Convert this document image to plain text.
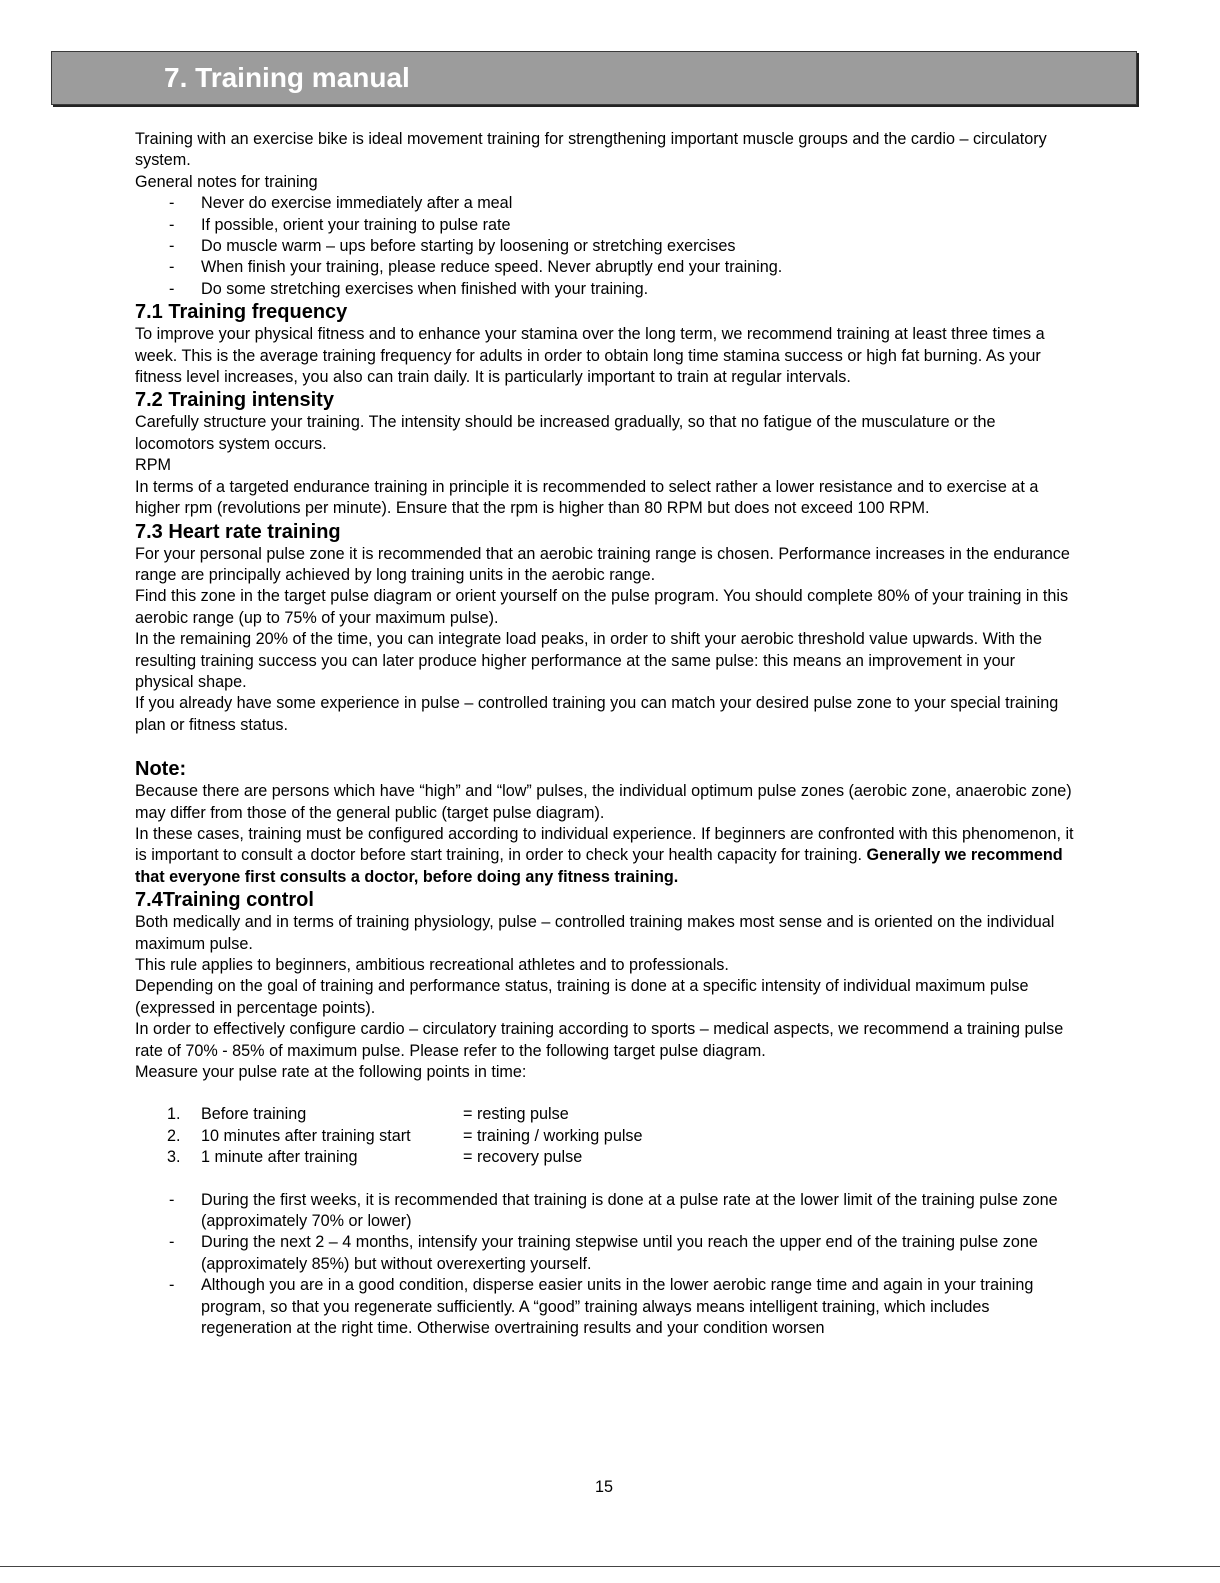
7. Training manual

Training with an exercise bike is ideal movement training for strengthening important muscle groups and the cardio – circulatory system.

General notes for training

- Never do exercise immediately after a meal
- If possible, orient your training to pulse rate
- Do muscle warm – ups before starting by loosening or stretching exercises
- When finish your training, please reduce speed. Never abruptly end your training.
- Do some stretching exercises when finished with your training.
7.1 Training frequency

To improve your physical fitness and to enhance your stamina over the long term, we recommend training at least three times a week. This is the average training frequency for adults in order to obtain long time stamina success or high fat burning. As your fitness level increases, you also can train daily. It is particularly important to train at regular intervals.

7.2 Training intensity

Carefully structure your training. The intensity should be increased gradually, so that no fatigue of the musculature or the locomotors system occurs.

RPM

In terms of a targeted endurance training in principle it is recommended to select rather a lower resistance and to exercise at a higher rpm (revolutions per minute). Ensure that the rpm is higher than 80 RPM but does not exceed 100 RPM.

7.3 Heart rate training

For your personal pulse zone it is recommended that an aerobic training range is chosen. Performance increases in the endurance range are principally achieved by long training units in the aerobic range.

Find this zone in the target pulse diagram or orient yourself on the pulse program. You should complete 80% of your training in this aerobic range (up to 75% of your maximum pulse).

In the remaining 20% of the time, you can integrate load peaks, in order to shift your aerobic threshold value upwards. With the resulting training success you can later produce higher performance at the same pulse: this means an improvement in your physical shape.

If you already have some experience in pulse – controlled training you can match your desired pulse zone to your special training plan or fitness status.

Note:

Because there are persons which have “high” and “low” pulses, the individual optimum pulse zones (aerobic zone, anaerobic zone) may differ from those of the general public (target pulse diagram).

In these cases, training must be configured according to individual experience. If beginners are confronted with this phenomenon, it is important to consult a doctor before start training, in order to check your health capacity for training. Generally we recommend that everyone first consults a doctor, before doing any fitness training.

7.4Training control

Both medically and in terms of training physiology, pulse – controlled training makes most sense and is oriented on the individual maximum pulse.

This rule applies to beginners, ambitious recreational athletes and to professionals.

Depending on the goal of training and performance status, training is done at a specific intensity of individual maximum pulse (expressed in percentage points).

In order to effectively configure cardio – circulatory training according to sports – medical aspects, we recommend a training pulse rate of 70% - 85% of maximum pulse. Please refer to the following target pulse diagram.

Measure your pulse rate at the following points in time:

1. Before training	= resting pulse
2. 10 minutes after training start	= training / working pulse
3. 1 minute after training	= recovery pulse
- During the first weeks, it is recommended that training is done at a pulse rate at the lower limit of the training pulse zone (approximately 70% or lower)
- During the next 2 – 4 months, intensify your training stepwise until you reach the upper end of the training pulse zone (approximately 85%) but without overexerting yourself.
- Although you are in a good condition, disperse easier units in the lower aerobic range time and again in your training program, so that you regenerate sufficiently. A “good” training always means intelligent training, which includes regeneration at the right time. Otherwise overtraining results and your condition worsen
15
